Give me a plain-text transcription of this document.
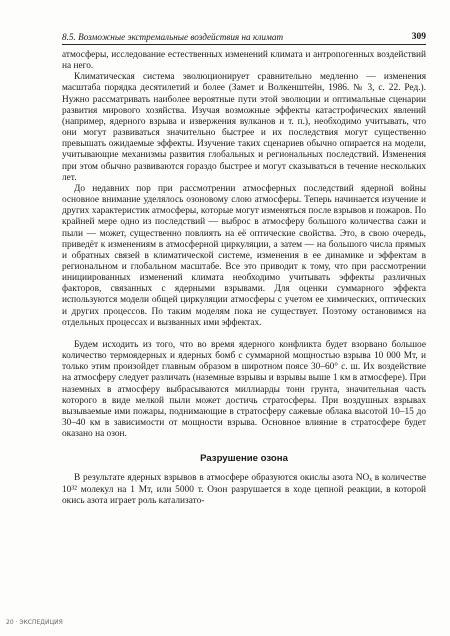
8.5. Возможные экстремальные воздействия на климат	309

атмосферы, исследование естественных изменений климата и антропогенных воздействий на него.

Климатическая система эволюционирует сравнительно медленно — изменения масштаба порядка десятилетий и более (Замет и Волкенштейн, 1986. № 3, с. 22. Ред.). Нужно рассматривать наиболее вероятные пути этой эволюции и оптимальные сценарии развития мирового хозяйства. Изучая возможные эффекты катастрофических явлений (например, ядерного взрыва и извержения вулканов и т. п.), необходимо учитывать, что они могут развиваться значительно быстрее и их последствия могут существенно превышать ожидаемые эффекты. Изучение таких сценариев обычно опирается на модели, учитывающие механизмы развития глобальных и региональных последствий. Изменения при этом обычно развиваются гораздо быстрее и могут сказываться в течение нескольких лет.

До недавних пор при рассмотрении атмосферных последствий ядерной войны основное внимание уделялось озоновому слою атмосферы. Теперь начинается изучение и других характеристик атмосферы, которые могут изменяться после взрывов и пожаров. По крайней мере одно из последствий — выброс в атмосферу большого количества сажи и пыли — может, существенно повлиять на её оптические свойства. Это, в свою очередь, приведёт к изменениям в атмосферной циркуляции, а затем — на большого числа прямых и обратных связей в климатической системе, изменения в ее динамике и эффектам в региональном и глобальном масштабе. Все это приводит к тому, что при рассмотрении инициированных изменений климата необходимо учитывать эффекты различных факторов, связанных с ядерными взрывами. Для оценки суммарного эффекта используются модели общей циркуляции атмосферы с учетом ее химических, оптических и других процессов. По таким моделям пока не существует. Поэтому остановимся на отдельных процессах и вызванных ими эффектах.

Будем исходить из того, что во время ядерного конфликта будет взорвано большое количество термоядерных и ядерных бомб с суммарной мощностью взрыва 10 000 Мт, и только этим произойдет главным образом в широтном поясе 30–60° с. ш. Их воздействие на атмосферу следует различать (наземные взрывы и взрывы выше 1 км в атмосфере). При наземных в атмосферу выбрасываются миллиарды тонн грунта, значительная часть которого в виде мелкой пыли может достичь стратосферы. При воздушных взрывах вызываемые ими пожары, поднимающие в стратосферу сажевые облака высотой 10–15 до 30–40 км в зависимости от мощности взрыва. Основное влияние в стратосфере будет оказано на озон.

Разрушение озона

В результате ядерных взрывов в атмосфере образуются окислы азота NOₓ в количестве 10³² молекул на 1 Мт, или 5000 т. Озон разрушается в ходе цепной реакции, в которой окись азота играет роль катализато-

20 · ЭКСПЕДИЦИЯ
